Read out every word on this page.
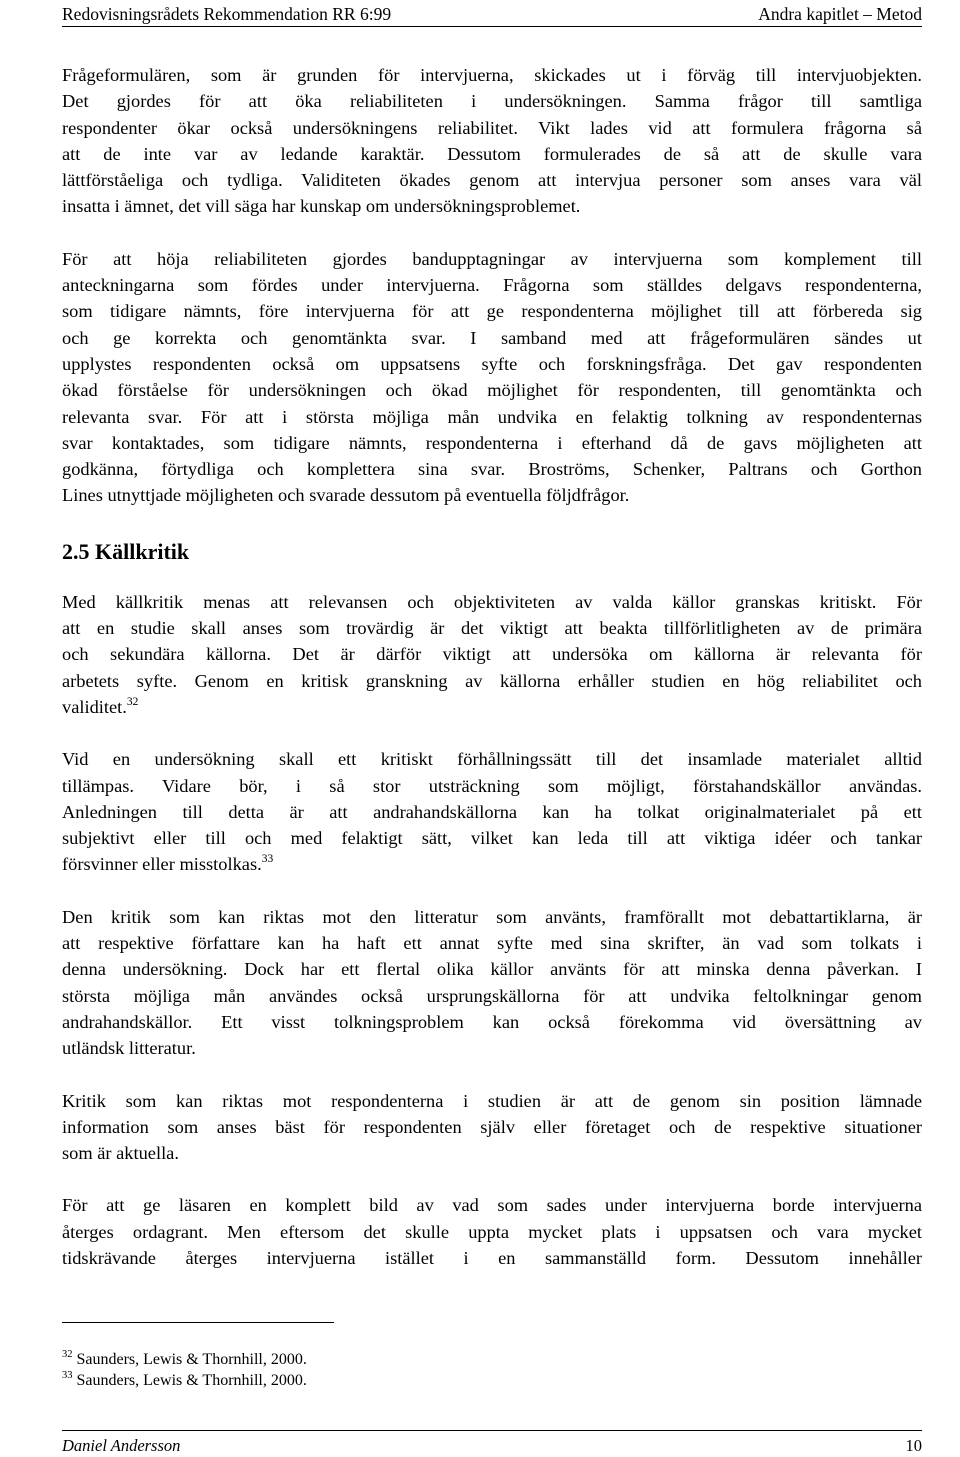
Redovisningsrådets Rekommendation RR 6:99	Andra kapitlet – Metod
Frågeformulären, som är grunden för intervjuerna, skickades ut i förväg till intervjuobjekten.
Det gjordes för att öka reliabiliteten i undersökningen. Samma frågor till samtliga
respondenter ökar också undersökningens reliabilitet. Vikt lades vid att formulera frågorna så
att de inte var av ledande karaktär. Dessutom formulerades de så att de skulle vara
lättförståeliga och tydliga. Validiteten ökades genom att intervjua personer som anses vara väl
insatta i ämnet, det vill säga har kunskap om undersökningsproblemet.
För att höja reliabiliteten gjordes bandupptagningar av intervjuerna som komplement till
anteckningarna som fördes under intervjuerna. Frågorna som ställdes delgavs respondenterna,
som tidigare nämnts, före intervjuerna för att ge respondenterna möjlighet till att förbereda sig
och ge korrekta och genomtänkta svar. I samband med att frågeformulären sändes ut
upplystes respondenten också om uppsatsens syfte och forskningsfråga. Det gav respondenten
ökad förståelse för undersökningen och ökad möjlighet för respondenten, till genomtänkta och
relevanta svar. För att i största möjliga mån undvika en felaktig tolkning av respondenternas
svar kontaktades, som tidigare nämnts, respondenterna i efterhand då de gavs möjligheten att
godkänna, förtydliga och komplettera sina svar. Broströms, Schenker, Paltrans och Gorthon
Lines utnyttjade möjligheten och svarade dessutom på eventuella följdfrågor.
2.5 Källkritik
Med källkritik menas att relevansen och objektiviteten av valda källor granskas kritiskt. För
att en studie skall anses som trovärdig är det viktigt att beakta tillförlitligheten av de primära
och sekundära källorna. Det är därför viktigt att undersöka om källorna är relevanta för
arbetets syfte. Genom en kritisk granskning av källorna erhåller studien en hög reliabilitet och
validitet.$^{32}$
Vid en undersökning skall ett kritiskt förhållningssätt till det insamlade materialet alltid
tillämpas. Vidare bör, i så stor utsträckning som möjligt, förstahandskällor användas.
Anledningen till detta är att andrahandskällorna kan ha tolkat originalmaterialet på ett
subjektivt eller till och med felaktigt sätt, vilket kan leda till att viktiga idéer och tankar
försvinner eller misstolkas.$^{33}$
Den kritik som kan riktas mot den litteratur som använts, framförallt mot debattartiklarna, är
att respektive författare kan ha haft ett annat syfte med sina skrifter, än vad som tolkats i
denna undersökning. Dock har ett flertal olika källor använts för att minska denna påverkan. I
största möjliga mån användes också ursprungskällorna för att undvika feltolkningar genom
andrahandskällor. Ett visst tolkningsproblem kan också förekomma vid översättning av
utländsk litteratur.
Kritik som kan riktas mot respondenterna i studien är att de genom sin position lämnade
information som anses bäst för respondenten själv eller företaget och de respektive situationer
som är aktuella.
För att ge läsaren en komplett bild av vad som sades under intervjuerna borde intervjuerna
återges ordagrant. Men eftersom det skulle uppta mycket plats i uppsatsen och vara mycket
tidskrävande återges intervjuerna istället i en sammanställd form. Dessutom innehåller
$^{32}$ Saunders, Lewis & Thornhill, 2000.
$^{33}$ Saunders, Lewis & Thornhill, 2000.
Daniel Andersson	10
